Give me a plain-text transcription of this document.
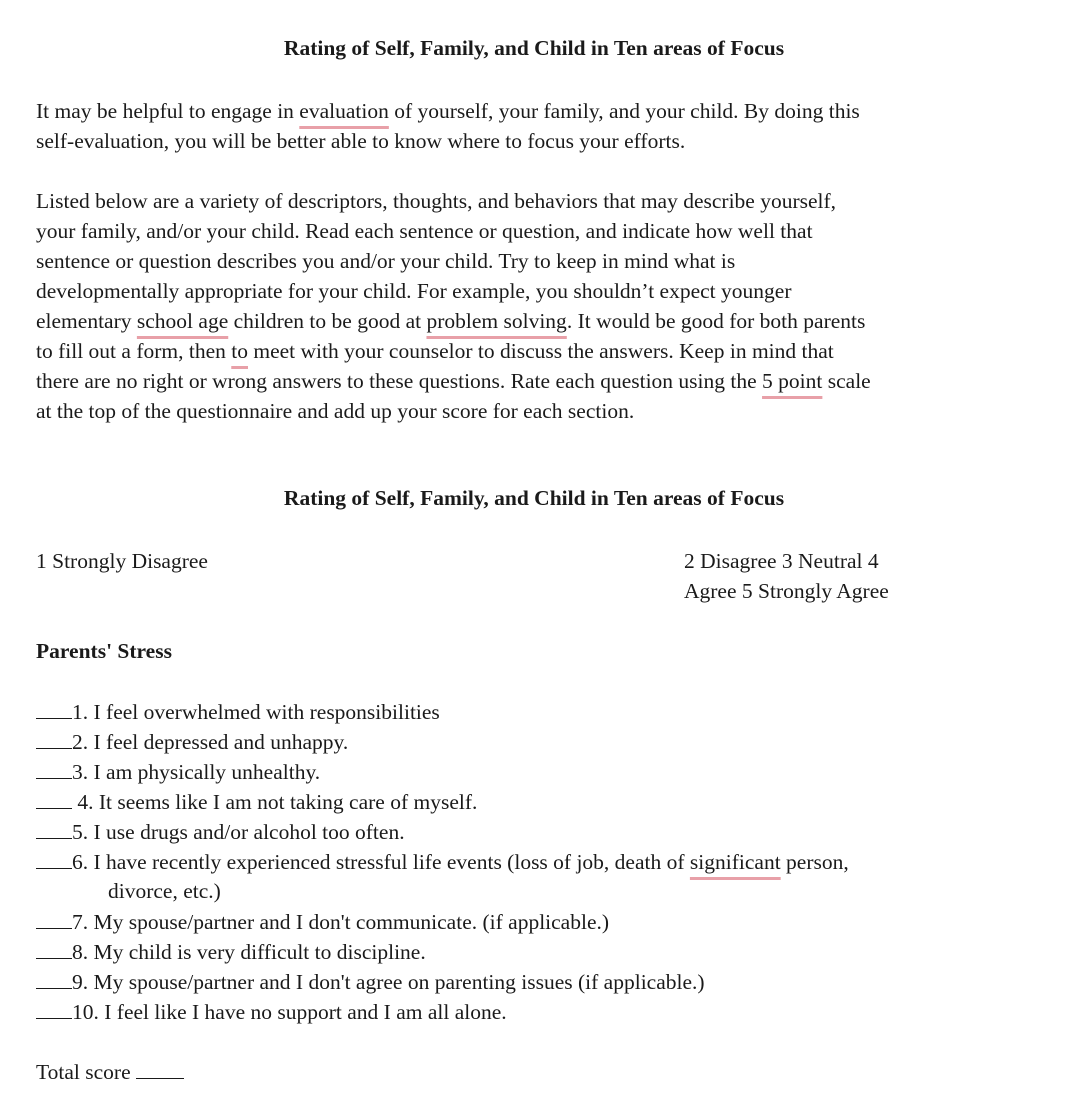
Rating of Self, Family, and Child in Ten areas of Focus
It may be helpful to engage in evaluation of yourself, your family, and your child. By doing this
self-evaluation, you will be better able to know where to focus your efforts.
Listed below are a variety of descriptors, thoughts, and behaviors that may describe yourself,
your family, and/or your child. Read each sentence or question, and indicate how well that
sentence or question describes you and/or your child. Try to keep in mind what is
developmentally appropriate for your child. For example, you shouldn’t expect younger
elementary school age children to be good at problem solving. It would be good for both parents
to fill out a form, then to meet with your counselor to discuss the answers. Keep in mind that
there are no right or wrong answers to these questions. Rate each question using the 5 point scale
at the top of the questionnaire and add up your score for each section.
Rating of Self, Family, and Child in Ten areas of Focus
1 Strongly Disagree	2 Disagree 3 Neutral 4
Agree 5 Strongly Agree
Parents' Stress
1. I feel overwhelmed with responsibilities
2. I feel depressed and unhappy.
3. I am physically unhealthy.
4. It seems like I am not taking care of myself.
5. I use drugs and/or alcohol too often.
6. I have recently experienced stressful life events (loss of job, death of significant person,
divorce, etc.)
7. My spouse/partner and I don't communicate. (if applicable.)
8. My child is very difficult to discipline.
9. My spouse/partner and I don't agree on parenting issues (if applicable.)
10. I feel like I have no support and I am all alone.
Total score
